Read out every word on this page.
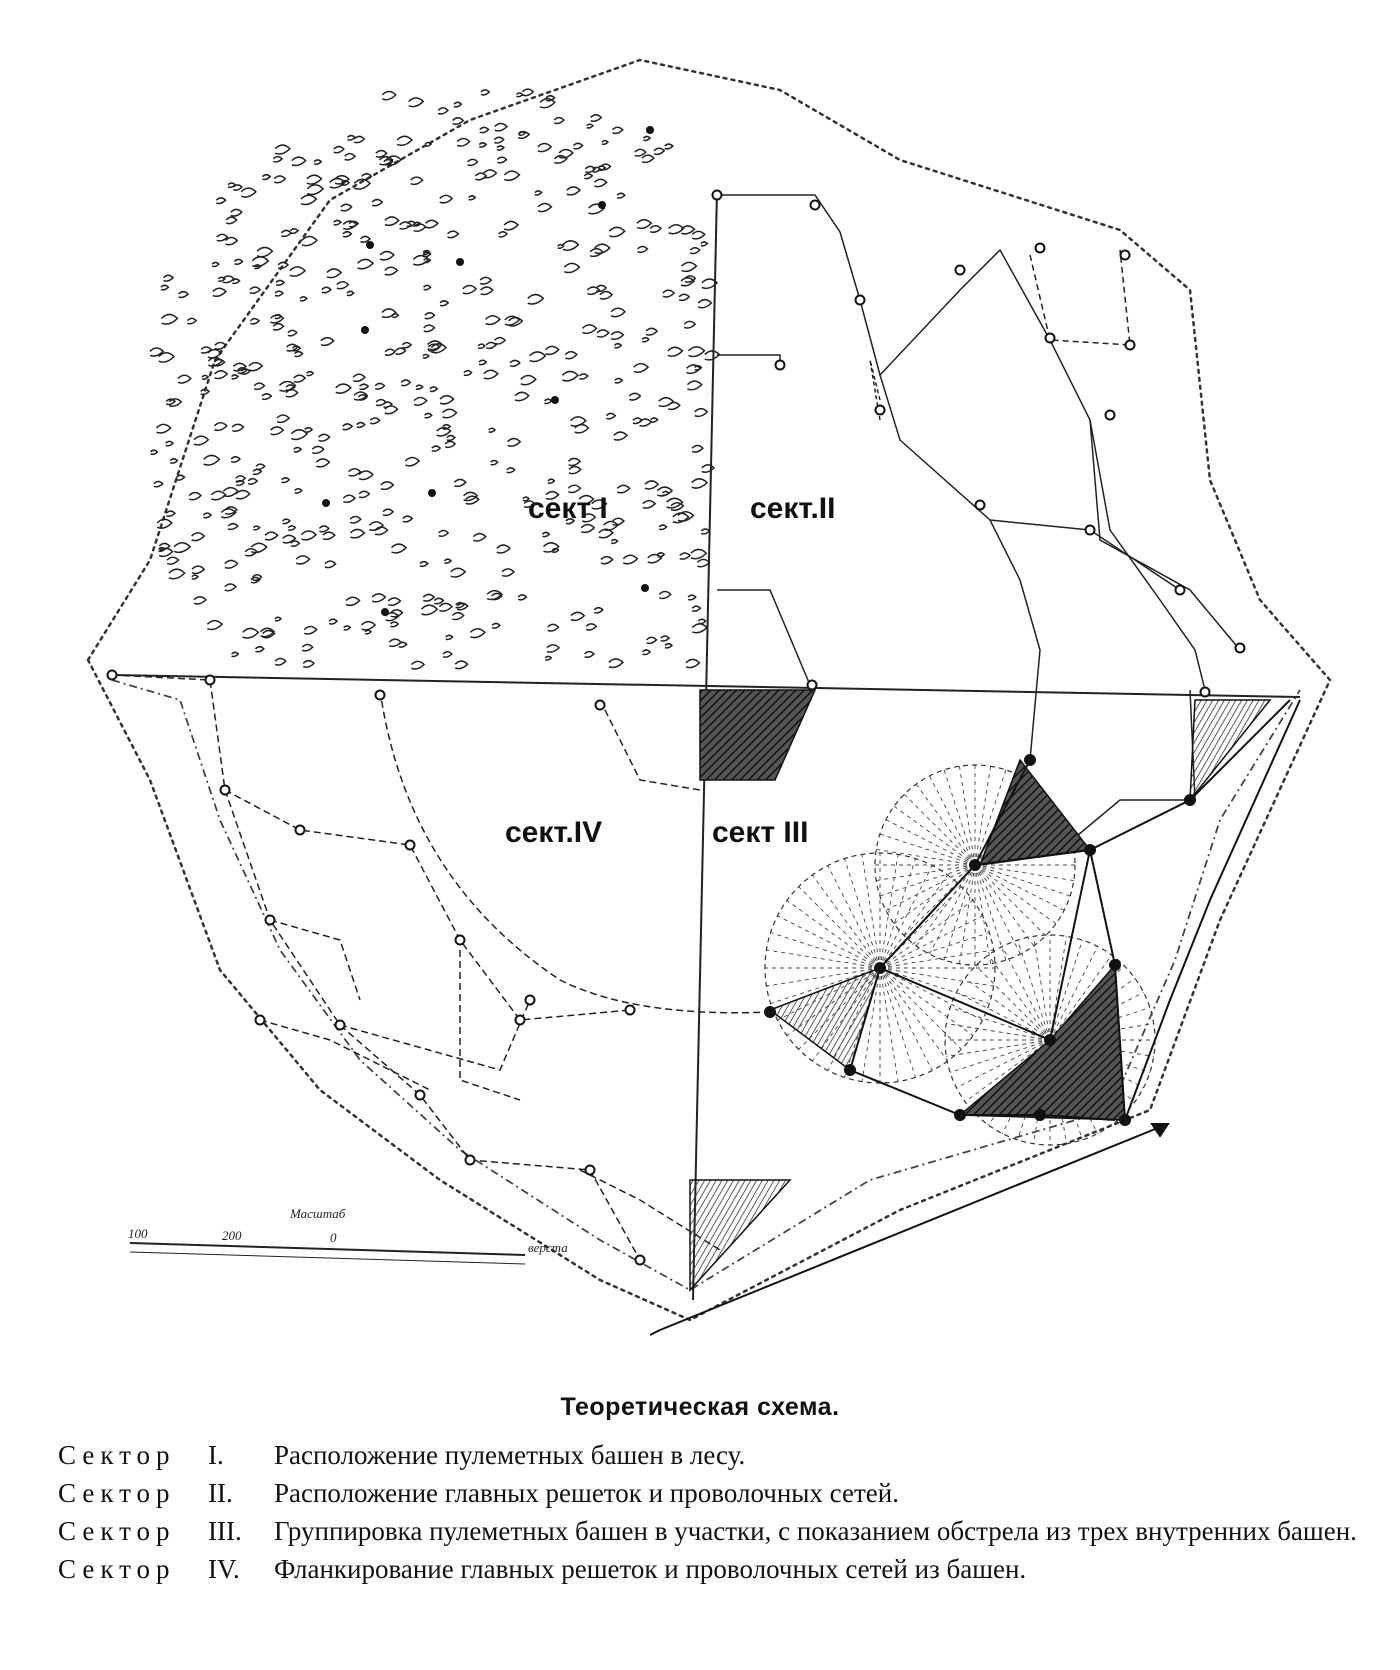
сект I	сект.II
сект III
сект.IV
Масштаб
100	200	0
верста
Теоретическая схема.
Сектор	I.	Расположение пулеметных башен в лесу.
Сектор	II.	Расположение главных решеток и проволочных сетей.
Сектор	III.	Группировка пулеметных башен в участки, с показанием обстрела из трех внутренних башен.
Сектор	IV.	Фланкирование главных решеток и проволочных сетей из башен.
